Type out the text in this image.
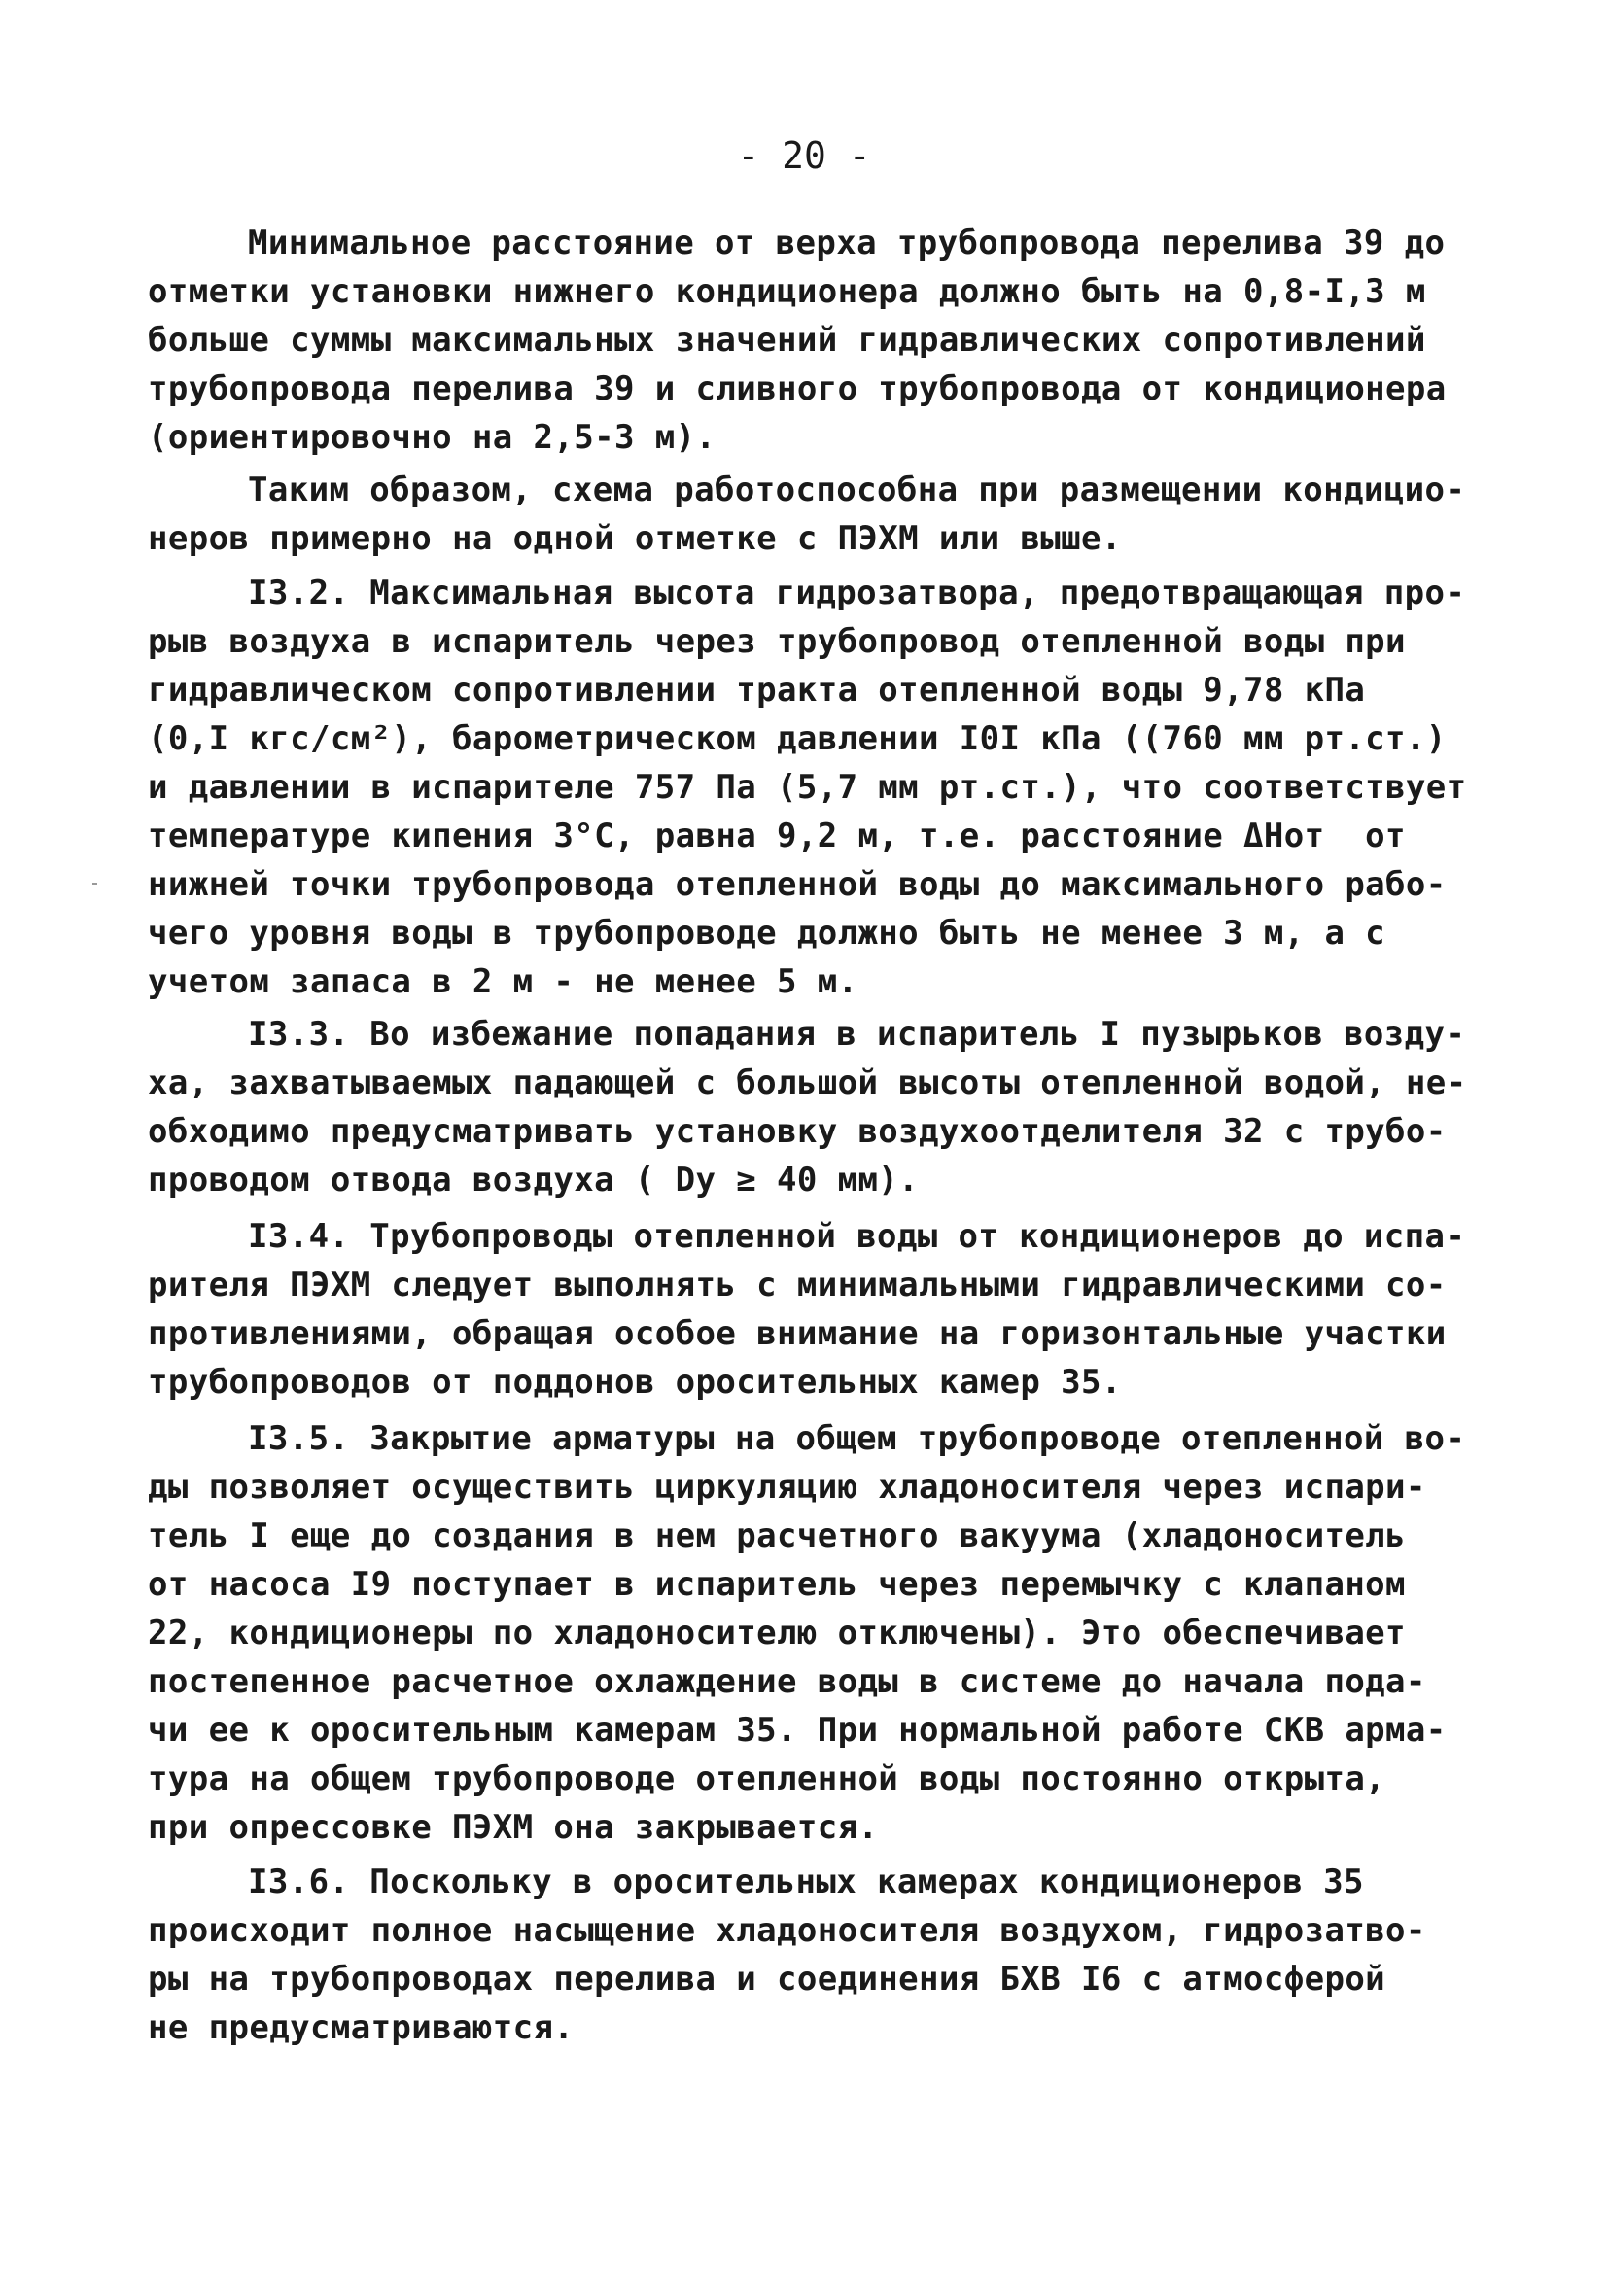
- 20 -
Минимальное расстояние от верха трубопровода перелива 39 до
отметки установки нижнего кондиционера должно быть на 0,8-I,3 м
больше суммы максимальных значений гидравлических сопротивлений
трубопровода перелива 39 и сливного трубопровода от кондиционера
(ориентировочно на 2,5-3 м).
Таким образом, схема работоспособна при размещении кондицио-
неров примерно на одной отметке с ПЭХМ или выше.
I3.2. Максимальная высота гидрозатвора, предотвращающая про-
рыв воздуха в испаритель через трубопровод отепленной воды при
гидравлическом сопротивлении тракта отепленной воды 9,78 кПа
(0,I кгс/см²), барометрическом давлении I0I кПа ((760 мм рт.ст.)
и давлении в испарителе 757 Па (5,7 мм рт.ст.), что соответствует
температуре кипения 3°С, равна 9,2 м, т.е. расстояние ΔHот  от
нижней точки трубопровода отепленной воды до максимального рабо-
чего уровня воды в трубопроводе должно быть не менее 3 м, а с
учетом запаса в 2 м - не менее 5 м.
I3.3. Во избежание попадания в испаритель I пузырьков возду-
ха, захватываемых падающей с большой высоты отепленной водой, не-
обходимо предусматривать установку воздухоотделителя 32 с трубо-
проводом отвода воздуха ( Dу ≥ 40 мм).
I3.4. Трубопроводы отепленной воды от кондиционеров до испа-
рителя ПЭХМ следует выполнять с минимальными гидравлическими со-
противлениями, обращая особое внимание на горизонтальные участки
трубопроводов от поддонов оросительных камер 35.
I3.5. Закрытие арматуры на общем трубопроводе отепленной во-
ды позволяет осуществить циркуляцию хладоносителя через испари-
тель I еще до создания в нем расчетного вакуума (хладоноситель
от насоса I9 поступает в испаритель через перемычку с клапаном
22, кондиционеры по хладоносителю отключены). Это обеспечивает
постепенное расчетное охлаждение воды в системе до начала пода-
чи ее к оросительным камерам 35. При нормальной работе СКВ арма-
тура на общем трубопроводе отепленной воды постоянно открыта,
при опрессовке ПЭХМ она закрывается.
I3.6. Поскольку в оросительных камерах кондиционеров 35
происходит полное насыщение хладоносителя воздухом, гидрозатво-
ры на трубопроводах перелива и соединения БХВ I6 с атмосферой
не предусматриваются.
